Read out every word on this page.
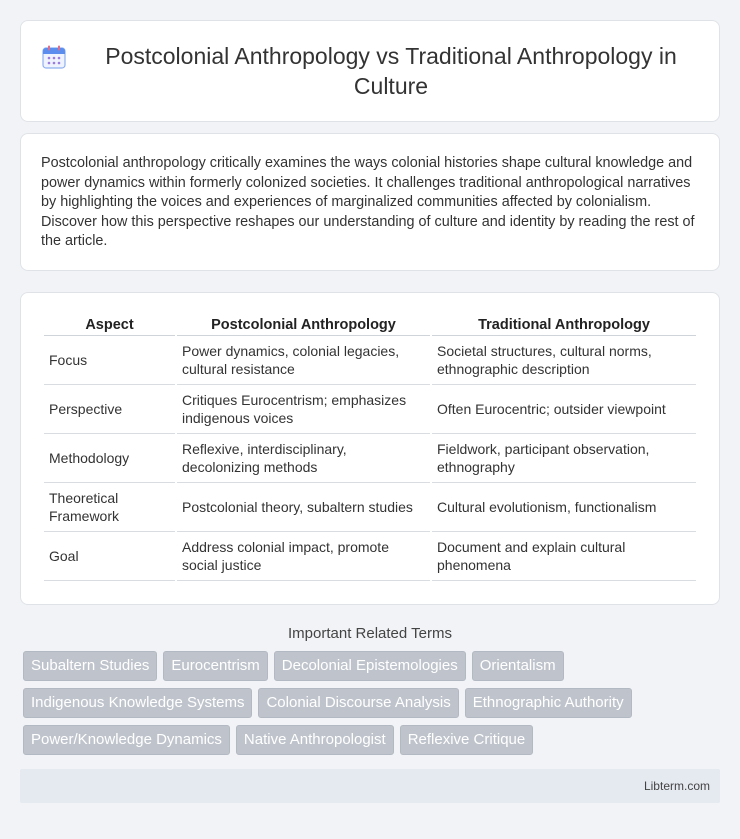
Postcolonial Anthropology vs Traditional Anthropology in Culture

Postcolonial anthropology critically examines the ways colonial histories shape cultural knowledge and power dynamics within formerly colonized societies. It challenges traditional anthropological narratives by highlighting the voices and experiences of marginalized communities affected by colonialism. Discover how this perspective reshapes our understanding of culture and identity by reading the rest of the article.

Aspect	Postcolonial Anthropology	Traditional Anthropology
Focus	Power dynamics, colonial legacies, cultural resistance	Societal structures, cultural norms, ethnographic description
Perspective	Critiques Eurocentrism; emphasizes indigenous voices	Often Eurocentric; outsider viewpoint
Methodology	Reflexive, interdisciplinary, decolonizing methods	Fieldwork, participant observation, ethnography
Theoretical Framework	Postcolonial theory, subaltern studies	Cultural evolutionism, functionalism
Goal	Address colonial impact, promote social justice	Document and explain cultural phenomena
Important Related Terms
Subaltern Studies	Eurocentrism	Decolonial Epistemologies	Orientalism
Indigenous Knowledge Systems	Colonial Discourse Analysis	Ethnographic Authority
Power/Knowledge Dynamics	Native Anthropologist	Reflexive Critique
Libterm.com
